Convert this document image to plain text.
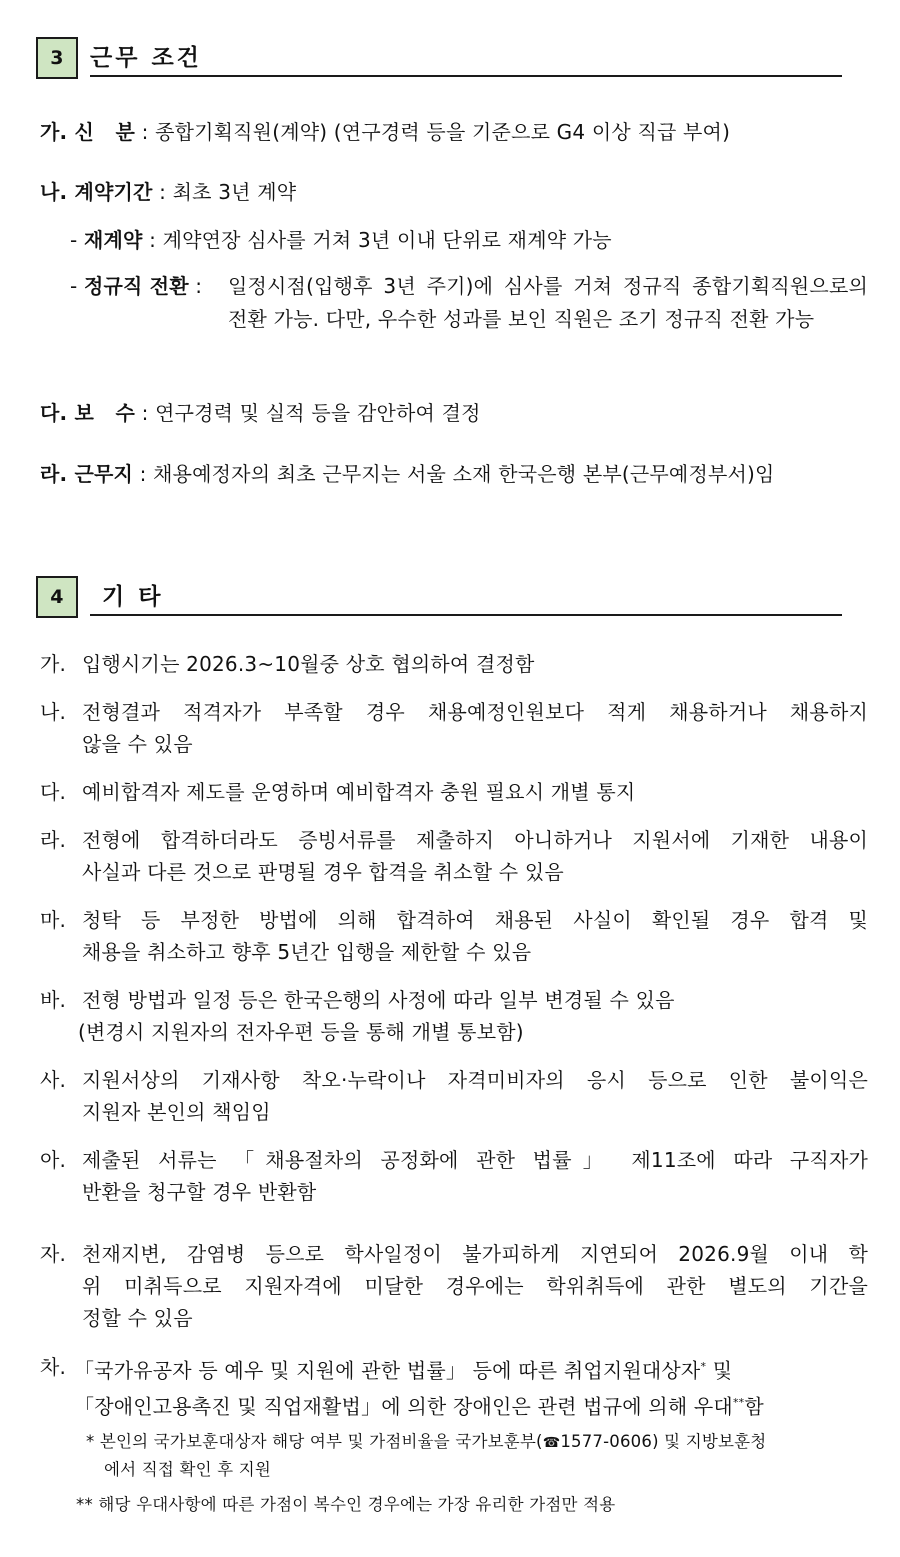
3	근무 조건
가. 신   분 : 종합기획직원(계약) (연구경력 등을 기준으로 G4 이상 직급 부여)
나. 계약기간 : 최초 3년 계약
- 재계약 : 계약연장 심사를 거쳐 3년 이내 단위로 재계약 가능
- 정규직 전환 : 일정시점(입행후 3년 주기)에 심사를 거쳐 정규직 종합기획직원으로의 전환 가능. 다만, 우수한 성과를 보인 직원은 조기 정규직 전환 가능
다. 보   수 : 연구경력 및 실적 등을 감안하여 결정
라. 근무지 : 채용예정자의 최초 근무지는 서울 소재 한국은행 본부(근무예정부서)임
4	기 타
가. 입행시기는 2026.3~10월중 상호 협의하여 결정함
나. 전형결과 적격자가 부족할 경우 채용예정인원보다 적게 채용하거나 채용하지
않을 수 있음
다. 예비합격자 제도를 운영하며 예비합격자 충원 필요시 개별 통지
라. 전형에 합격하더라도 증빙서류를 제출하지 아니하거나 지원서에 기재한 내용이
사실과 다른 것으로 판명될 경우 합격을 취소할 수 있음
마. 청탁 등 부정한 방법에 의해 합격하여 채용된 사실이 확인될 경우 합격 및
채용을 취소하고 향후 5년간 입행을 제한할 수 있음
바. 전형 방법과 일정 등은 한국은행의 사정에 따라 일부 변경될 수 있음
(변경시 지원자의 전자우편 등을 통해 개별 통보함)
사. 지원서상의 기재사항 착오·누락이나 자격미비자의 응시 등으로 인한 불이익은
지원자 본인의 책임임
아. 제출된 서류는 「채용절차의 공정화에 관한 법률」 제11조에 따라 구직자가
반환을 청구할 경우 반환함
자. 천재지변, 감염병 등으로 학사일정이 불가피하게 지연되어 2026.9월 이내 학
위 미취득으로 지원자격에 미달한 경우에는 학위취득에 관한 별도의 기간을
정할 수 있음
차. 「국가유공자 등 예우 및 지원에 관한 법률」 등에 따른 취업지원대상자* 및
「장애인고용촉진 및 직업재활법」에 의한 장애인은 관련 법규에 의해 우대**함
* 본인의 국가보훈대상자 해당 여부 및 가점비율을 국가보훈부(☎1577-0606) 및 지방보훈청
에서 직접 확인 후 지원
** 해당 우대사항에 따른 가점이 복수인 경우에는 가장 유리한 가점만 적용
